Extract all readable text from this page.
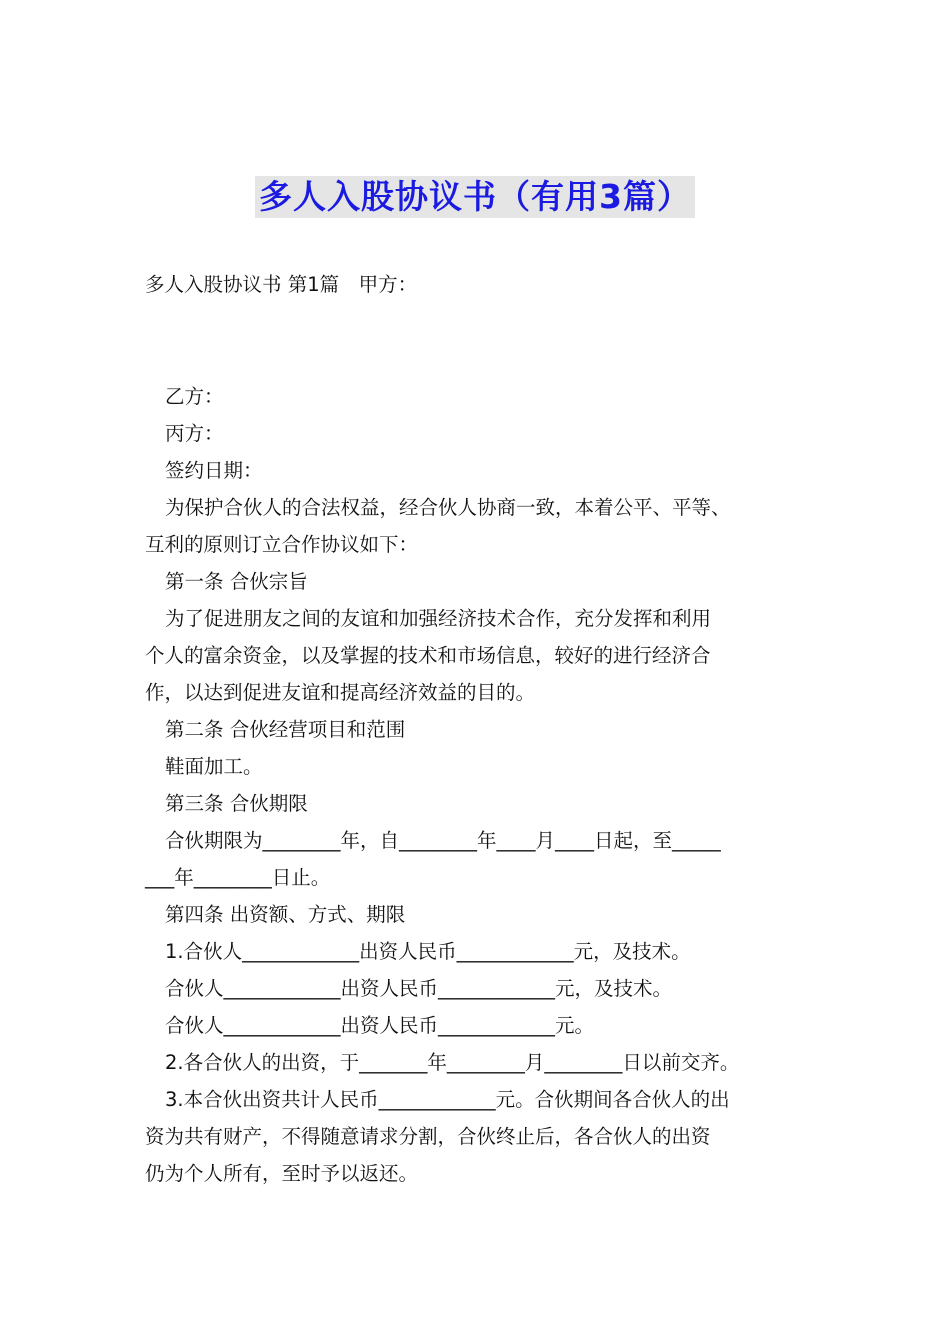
多人入股协议书（有用3篇）
多人入股协议书 第1篇　甲方：
乙方：
丙方：
签约日期：
为保护合伙人的合法权益，经合伙人协商一致，本着公平、平等、
互利的原则订立合作协议如下：
第一条 合伙宗旨
为了促进朋友之间的友谊和加强经济技术合作，充分发挥和利用
个人的富余资金，以及掌握的技术和市场信息，较好的进行经济合
作，以达到促进友谊和提高经济效益的目的。
第二条 合伙经营项目和范围
鞋面加工。
第三条 合伙期限
合伙期限为________年，自________年____月____日起，至_____
___年________日止。
第四条 出资额、方式、期限
1.合伙人____________出资人民币____________元，及技术。
合伙人____________出资人民币____________元，及技术。
合伙人____________出资人民币____________元。
2.各合伙人的出资，于_______年________月________日以前交齐。
3.本合伙出资共计人民币____________元。合伙期间各合伙人的出
资为共有财产，不得随意请求分割，合伙终止后，各合伙人的出资
仍为个人所有，至时予以返还。
